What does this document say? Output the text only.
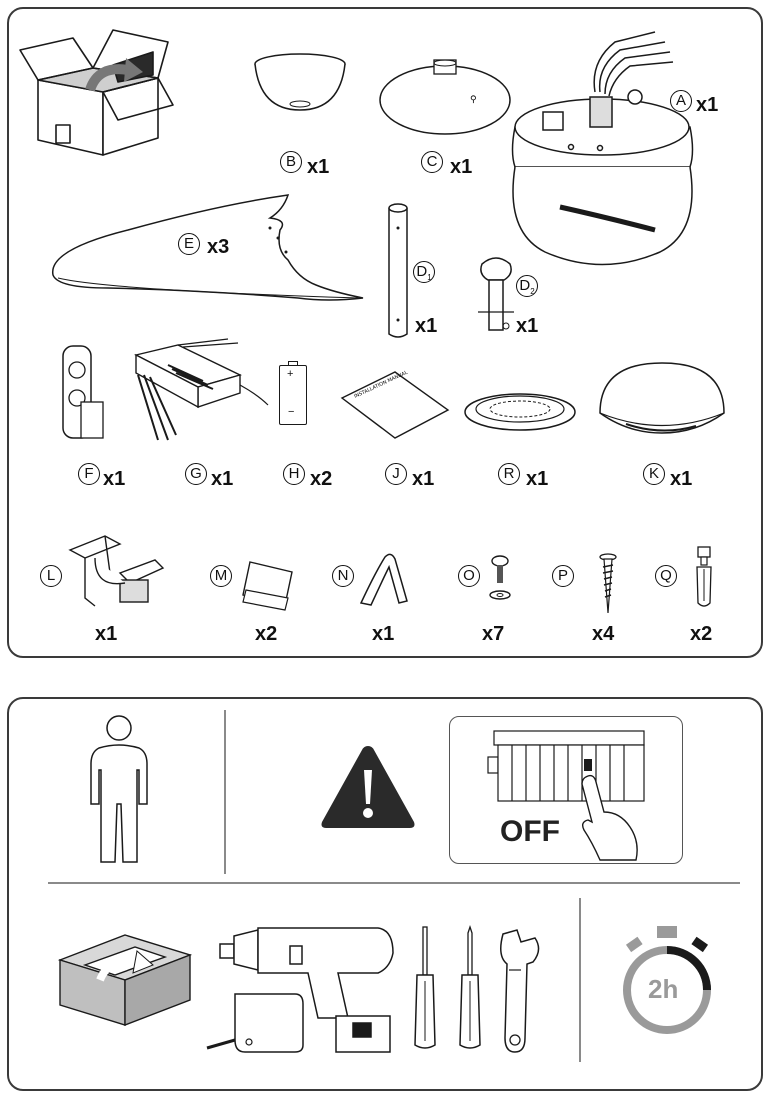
B x1
⚲
C x1
A x1
E x3
$D_1$
x1
$D_2$
x1
F x1	G x1
+
−
H x2
INSTALLATION MANUAL
J x1	R x1	K x1
L
x1
M
x2
N
x1
O
x7
P
x4
Q
x2
OFF
2h
